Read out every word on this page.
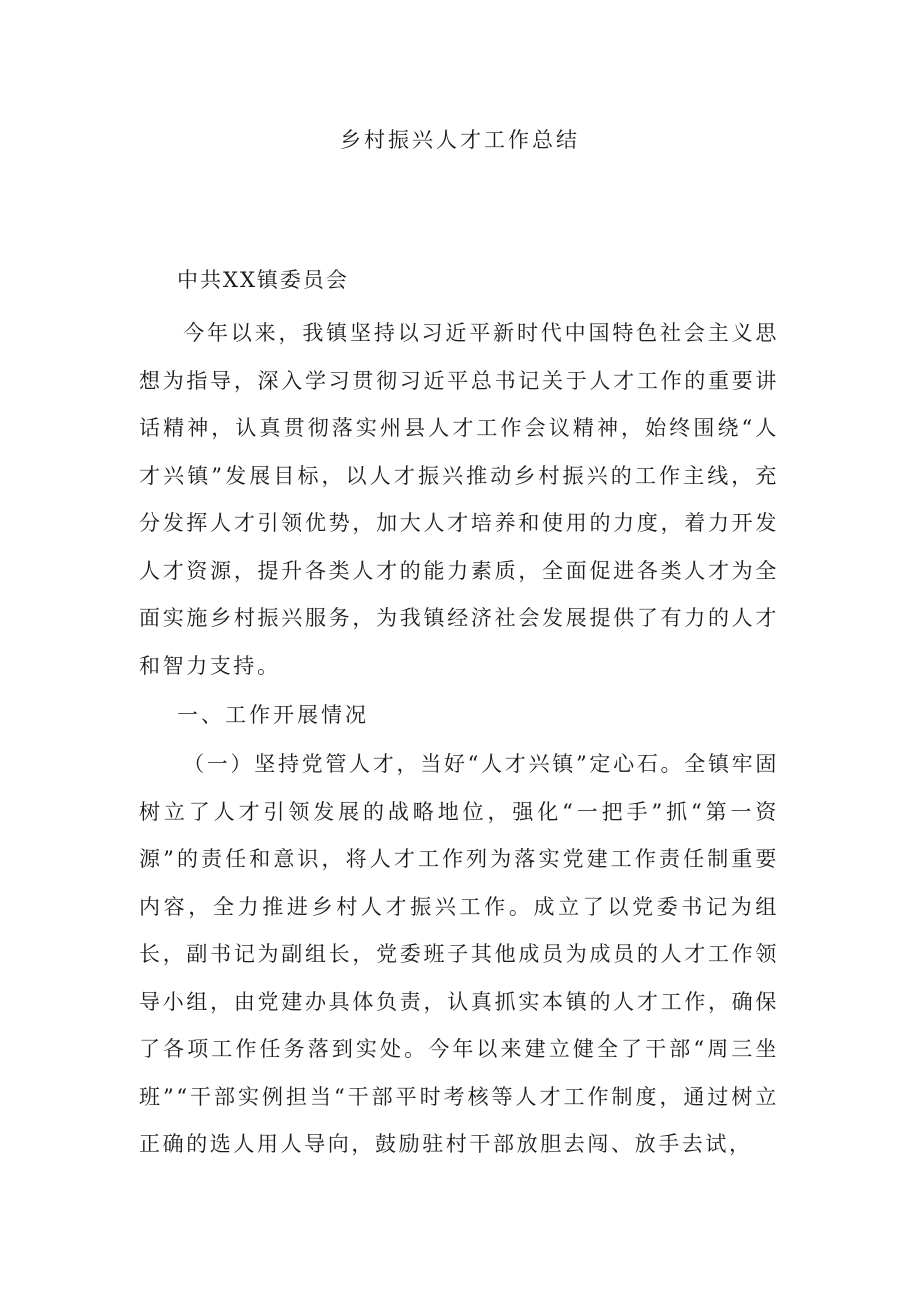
乡村振兴人才工作总结
中共XX镇委员会

今年以来，我镇坚持以习近平新时代中国特色社会主义思想为指导，深入学习贯彻习近平总书记关于人才工作的重要讲话精神，认真贯彻落实州县人才工作会议精神，始终围绕“人才兴镇”发展目标，以人才振兴推动乡村振兴的工作主线，充分发挥人才引领优势，加大人才培养和使用的力度，着力开发人才资源，提升各类人才的能力素质，全面促进各类人才为全面实施乡村振兴服务，为我镇经济社会发展提供了有力的人才和智力支持。

一、工作开展情况

（一）坚持党管人才，当好“人才兴镇”定心石。全镇牢固树立了人才引领发展的战略地位，强化“一把手”抓“第一资源”的责任和意识，将人才工作列为落实党建工作责任制重要内容，全力推进乡村人才振兴工作。成立了以党委书记为组长，副书记为副组长，党委班子其他成员为成员的人才工作领导小组，由党建办具体负责，认真抓实本镇的人才工作，确保了各项工作任务落到实处。今年以来建立健全了干部“周三坐班”“干部实例担当“干部平时考核等人才工作制度，通过树立正确的选人用人导向，鼓励驻村干部放胆去闯、放手去试，
